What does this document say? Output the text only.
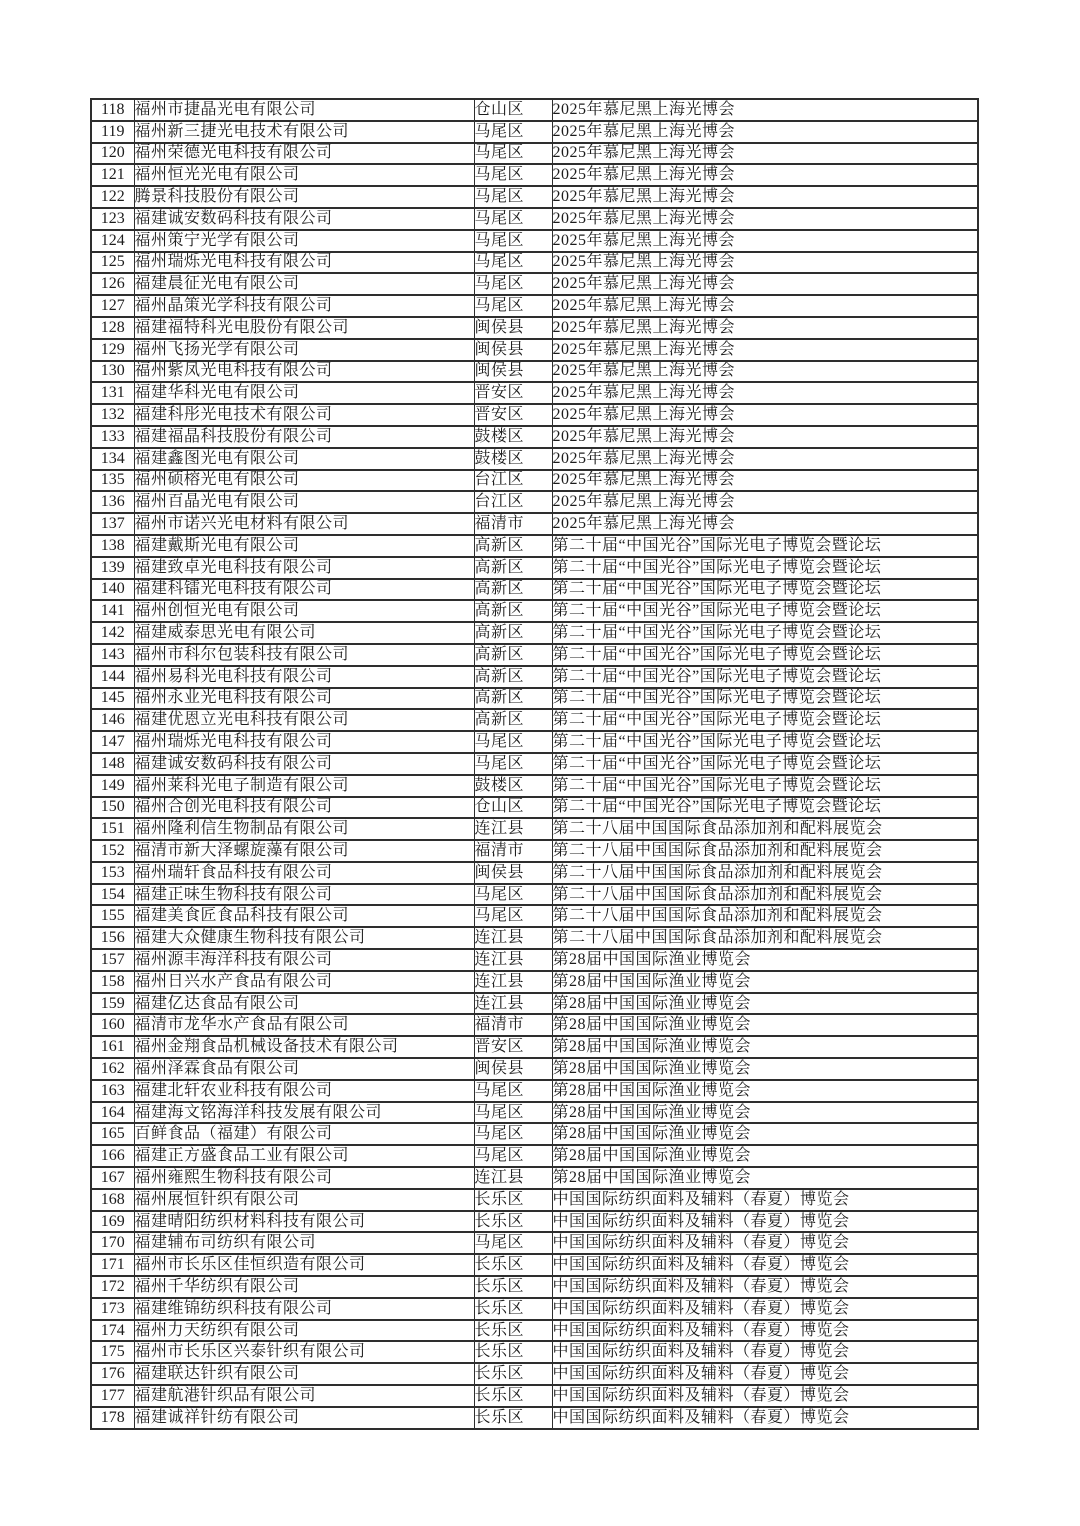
118	福州市捷晶光电有限公司	仓山区	2025年慕尼黑上海光博会
119	福州新三捷光电技术有限公司	马尾区	2025年慕尼黑上海光博会
120	福州荣德光电科技有限公司	马尾区	2025年慕尼黑上海光博会
121	福州恒光光电有限公司	马尾区	2025年慕尼黑上海光博会
122	腾景科技股份有限公司	马尾区	2025年慕尼黑上海光博会
123	福建诚安数码科技有限公司	马尾区	2025年慕尼黑上海光博会
124	福州策宁光学有限公司	马尾区	2025年慕尼黑上海光博会
125	福州瑞烁光电科技有限公司	马尾区	2025年慕尼黑上海光博会
126	福建晨征光电有限公司	马尾区	2025年慕尼黑上海光博会
127	福州晶策光学科技有限公司	马尾区	2025年慕尼黑上海光博会
128	福建福特科光电股份有限公司	闽侯县	2025年慕尼黑上海光博会
129	福州飞扬光学有限公司	闽侯县	2025年慕尼黑上海光博会
130	福州紫凤光电科技有限公司	闽侯县	2025年慕尼黑上海光博会
131	福建华科光电有限公司	晋安区	2025年慕尼黑上海光博会
132	福建科彤光电技术有限公司	晋安区	2025年慕尼黑上海光博会
133	福建福晶科技股份有限公司	鼓楼区	2025年慕尼黑上海光博会
134	福建鑫图光电有限公司	鼓楼区	2025年慕尼黑上海光博会
135	福州硕榕光电有限公司	台江区	2025年慕尼黑上海光博会
136	福州百晶光电有限公司	台江区	2025年慕尼黑上海光博会
137	福州市诺兴光电材料有限公司	福清市	2025年慕尼黑上海光博会
138	福建戴斯光电有限公司	高新区	第二十届“中国光谷”国际光电子博览会暨论坛
139	福建致卓光电科技有限公司	高新区	第二十届“中国光谷”国际光电子博览会暨论坛
140	福建科镭光电科技有限公司	高新区	第二十届“中国光谷”国际光电子博览会暨论坛
141	福州创恒光电有限公司	高新区	第二十届“中国光谷”国际光电子博览会暨论坛
142	福建威泰思光电有限公司	高新区	第二十届“中国光谷”国际光电子博览会暨论坛
143	福州市科尔包装科技有限公司	高新区	第二十届“中国光谷”国际光电子博览会暨论坛
144	福州易科光电科技有限公司	高新区	第二十届“中国光谷”国际光电子博览会暨论坛
145	福州永业光电科技有限公司	高新区	第二十届“中国光谷”国际光电子博览会暨论坛
146	福建优恩立光电科技有限公司	高新区	第二十届“中国光谷”国际光电子博览会暨论坛
147	福州瑞烁光电科技有限公司	马尾区	第二十届“中国光谷”国际光电子博览会暨论坛
148	福建诚安数码科技有限公司	马尾区	第二十届“中国光谷”国际光电子博览会暨论坛
149	福州莱科光电子制造有限公司	鼓楼区	第二十届“中国光谷”国际光电子博览会暨论坛
150	福州合创光电科技有限公司	仓山区	第二十届“中国光谷”国际光电子博览会暨论坛
151	福州隆利信生物制品有限公司	连江县	第二十八届中国国际食品添加剂和配料展览会
152	福清市新大泽螺旋藻有限公司	福清市	第二十八届中国国际食品添加剂和配料展览会
153	福州瑞轩食品科技有限公司	闽侯县	第二十八届中国国际食品添加剂和配料展览会
154	福建正味生物科技有限公司	马尾区	第二十八届中国国际食品添加剂和配料展览会
155	福建美食匠食品科技有限公司	马尾区	第二十八届中国国际食品添加剂和配料展览会
156	福建大众健康生物科技有限公司	连江县	第二十八届中国国际食品添加剂和配料展览会
157	福州源丰海洋科技有限公司	连江县	第28届中国国际渔业博览会
158	福州日兴水产食品有限公司	连江县	第28届中国国际渔业博览会
159	福建亿达食品有限公司	连江县	第28届中国国际渔业博览会
160	福清市龙华水产食品有限公司	福清市	第28届中国国际渔业博览会
161	福州金翔食品机械设备技术有限公司	晋安区	第28届中国国际渔业博览会
162	福州泽霖食品有限公司	闽侯县	第28届中国国际渔业博览会
163	福建北轩农业科技有限公司	马尾区	第28届中国国际渔业博览会
164	福建海文铭海洋科技发展有限公司	马尾区	第28届中国国际渔业博览会
165	百鲜食品（福建）有限公司	马尾区	第28届中国国际渔业博览会
166	福建正方盛食品工业有限公司	马尾区	第28届中国国际渔业博览会
167	福州雍熙生物科技有限公司	连江县	第28届中国国际渔业博览会
168	福州展恒针织有限公司	长乐区	中国国际纺织面料及辅料（春夏）博览会
169	福建晴阳纺织材料科技有限公司	长乐区	中国国际纺织面料及辅料（春夏）博览会
170	福建辅布司纺织有限公司	马尾区	中国国际纺织面料及辅料（春夏）博览会
171	福州市长乐区佳恒织造有限公司	长乐区	中国国际纺织面料及辅料（春夏）博览会
172	福州千华纺织有限公司	长乐区	中国国际纺织面料及辅料（春夏）博览会
173	福建维锦纺织科技有限公司	长乐区	中国国际纺织面料及辅料（春夏）博览会
174	福州力天纺织有限公司	长乐区	中国国际纺织面料及辅料（春夏）博览会
175	福州市长乐区兴泰针织有限公司	长乐区	中国国际纺织面料及辅料（春夏）博览会
176	福建联达针织有限公司	长乐区	中国国际纺织面料及辅料（春夏）博览会
177	福建航港针织品有限公司	长乐区	中国国际纺织面料及辅料（春夏）博览会
178	福建诚祥针纺有限公司	长乐区	中国国际纺织面料及辅料（春夏）博览会
